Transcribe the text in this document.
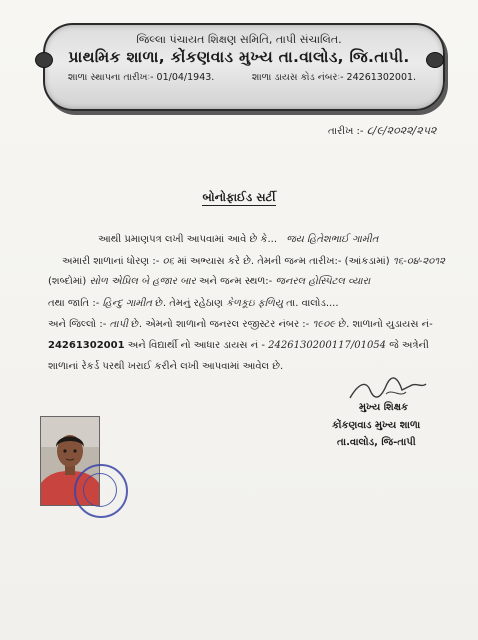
જિલ્લા પંચાયત શિક્ષણ સમિતિ, તાપી સંચાલિત.
પ્રાથમિક શાળા, કોંકણવાડ મુખ્ય તા.વાલોડ, જિ.તાપી.
શાળા સ્થાપના તારીખઃ- 01/04/1943.	શાળા ડાયસ કોડ નંબરઃ- 24261302001.
તારીખ :- ૮/૯/૨૦૨૨/૨૫૨
બોનોફાઈડ સર્ટી
આથી પ્રમાણપત્ર લખી આપવામાં આવે છે કે... જય હિતેશભાઈ ગામીત
અમારી શાળાનાં ધોરણ :- ૦૬ માં અભ્યાસ કરે છે. તેમની જન્મ તારીખ:- (આંકડામાં) ૧૬-૦૪-૨૦૧૨
(શબ્દોમાં) સોળ એપ્રિલ બે હજાર બાર અને જન્મ સ્થળ:- જનરલ હોસ્પિટલ વ્યારા
તથા જાતિ :- હિન્દુ ગામીત છે. તેમનું રહેઠાણ કેળકૂઇ ફળિયુ તા. વાલોડ....
અને જિલ્લો :- તાપી છે. એમનો શાળાનો જનરલ રજીસ્ટર નંબર :- ૧૯૦૯ છે. શાળાનો યુડાયસ નં-
24261302001 અને વિદ્યાર્થી નો આધાર ડાયસ નં - 2426130200117/01054 જે અત્રેની
શાળાનાં રેકર્ડ પરથી ખરાઈ કરીને લખી આપવામાં આવેલ છે.
મુખ્ય શિક્ષક
કોંકણવાડ મુખ્ય શાળા
તા.વાલોડ, જિ-તાપી
